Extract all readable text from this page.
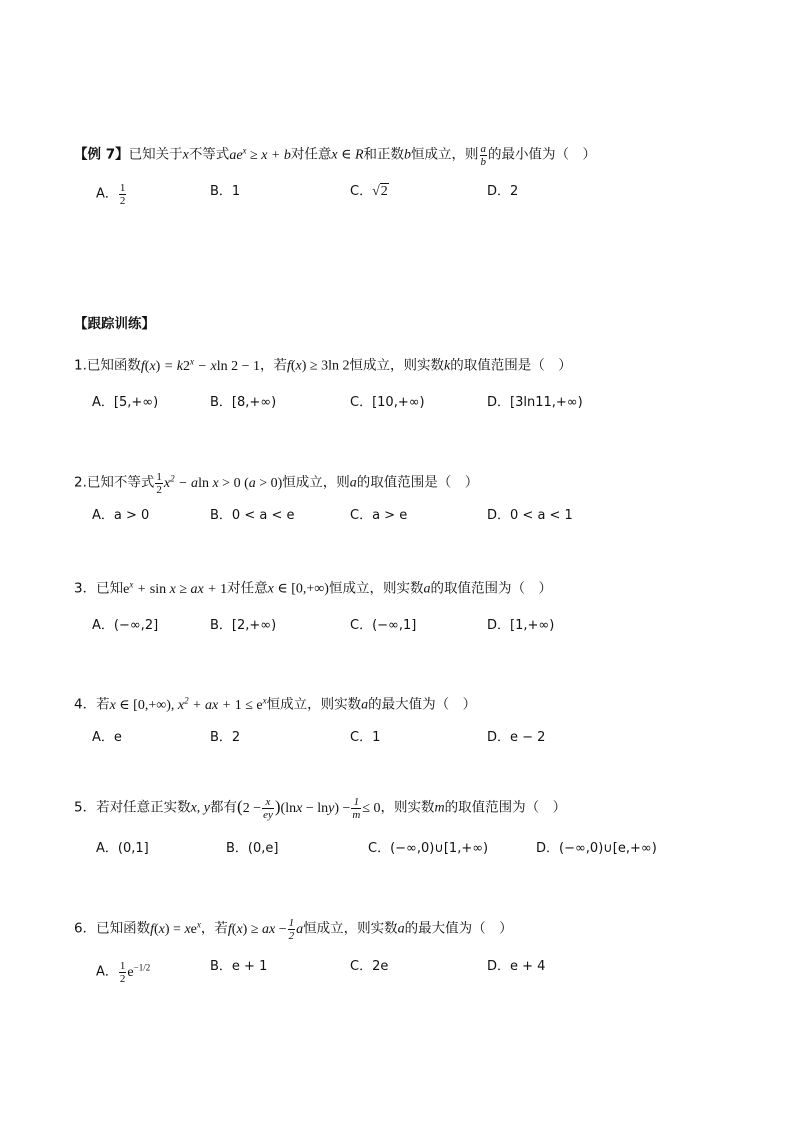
【例 7】已知关于x不等式$ae^x \ge x + b$对任意x ∈ R和正数b恒成立，则 $\frac{a}{b}$ 的最小值为（　）
A． $\frac{1}{2}$	B．1	C．√2	D．2
【跟踪训练】
1.已知函数$f(x) = k2^x - xln$ 2 − 1，若f(x) ≥ 3ln 2恒成立，则实数k的取值范围是（　）
A．[5,+∞)	B．[8,+∞)	C．[10,+∞)	D．[3ln11,+∞)
2.已知不等式 $\frac{1}{2} x^2 - aln$ x > 0 (a > 0)恒成立，则a的取值范围是（　）
A．a > 0	B．0 < a < e	C．a > e	D．0 < a < 1
3．已知$e^x + \sin x$ ≥ ax + 1对任意x ∈ [0,+∞)恒成立，则实数a的取值范围为（　）
A．(−∞,2]	B．[2,+∞)	C．(−∞,1]	D．[1,+∞)
4．若x ∈ [0,+∞), $x^2$ + ax + $1 \le e^x$恒成立，则实数a的最大值为（　）
A．e	B．2	C．1	D．e − 2
5．若对任意正实数x, y都有$(2 - \frac{x}{ey} )(\ln x - \ln y) - \frac{1}{m} \le 0$，则实数m的取值范围为（　）
A．(0,1]	B．(0,e]	C．(−∞,0)∪[1,+∞)	D．(−∞,0)∪[e,+∞)
6．已知函数$f(x) = xe^x$，若f(x) ≥ ax − $\frac{1}{2}$ a恒成立，则实数a的最大值为（　）
A． $\frac{1}{2} e^{-1/2}$	B．e + 1	C．2e	D．e + 4
